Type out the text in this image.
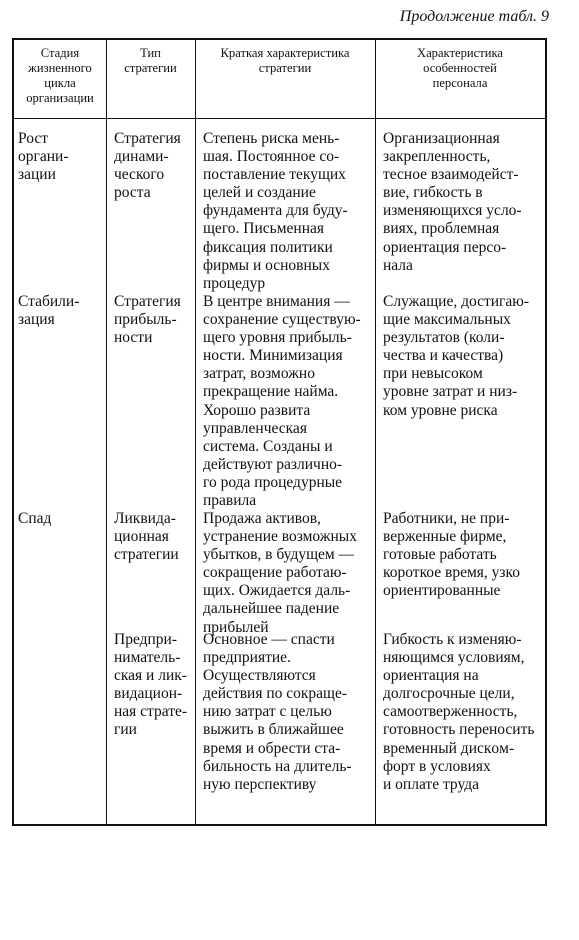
Продолжение табл. 9
Стадия
жизненного
цикла
организации
Тип
стратегии
Краткая характеристика
стратегии
Характеристика
особенностей
персонала
Рост
органи-
зации
Стратегия
динами-
ческого
роста
Степень риска мень-
шая. Постоянное со-
поставление текущих
целей и создание
фундамента для буду-
щего. Письменная
фиксация политики
фирмы и основных
процедур
Организационная
закрепленность,
тесное взаимодейст-
вие, гибкость в
изменяющихся усло-
виях, проблемная
ориентация персо-
нала
Стабили-
зация
Стратегия
прибыль-
ности
В центре внимания —
сохранение существую-
щего уровня прибыль-
ности. Минимизация
затрат, возможно
прекращение найма.
Хорошо развита
управленческая
система. Созданы и
действуют различно-
го рода процедурные
правила
Служащие, достигаю-
щие максимальных
результатов (коли-
чества и качества)
при невысоком
уровне затрат и низ-
ком уровне риска
Спад	Ликвида-
ционная
стратегии
Продажа активов,
устранение возможных
убытков, в будущем —
сокращение работаю-
щих. Ожидается даль-
дальнейшее падение
прибылей
Работники, не при-
верженные фирме,
готовые работать
короткое время, узко
ориентированные
Предпри-
ниматель-
ская и лик-
видацион-
ная страте-
гии
Основное — спасти
предприятие.
Осуществляются
действия по сокраще-
нию затрат с целью
выжить в ближайшее
время и обрести ста-
бильность на длитель-
ную перспективу
Гибкость к изменяю-
няющимся условиям,
ориентация на
долгосрочные цели,
самоотверженность,
готовность переносить
временный дискoм-
форт в условиях
и оплате труда
